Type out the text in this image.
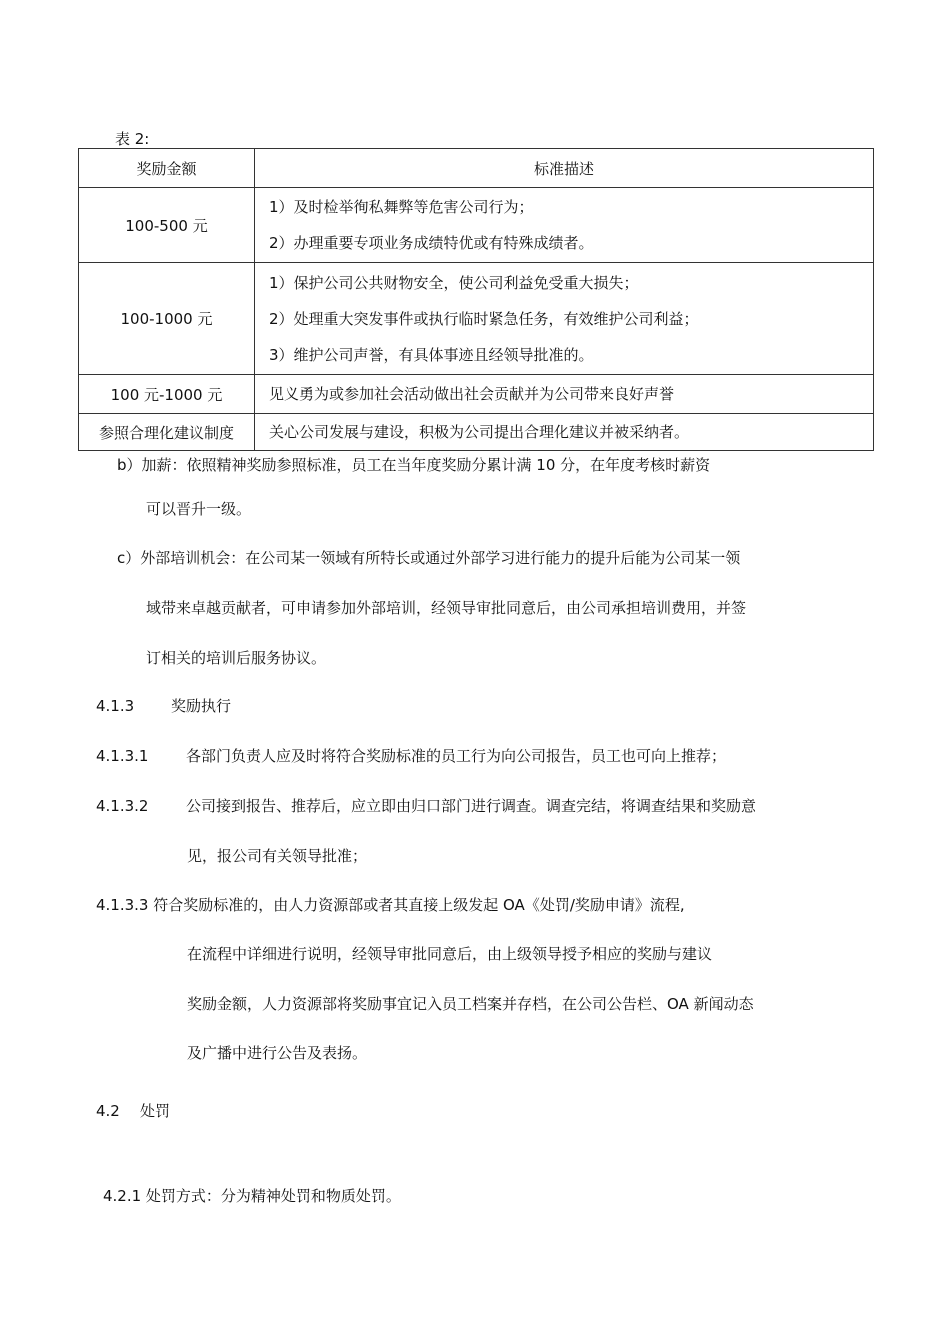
表 2:
奖励金额	标准描述
100-500 元	1）及时检举徇私舞弊等危害公司行为；
2）办理重要专项业务成绩特优或有特殊成绩者。

100-1000 元	1）保护公司公共财物安全，使公司利益免受重大损失；
2）处理重大突发事件或执行临时紧急任务，有效维护公司利益；
3）维护公司声誉，有具体事迹且经领导批准的。

100 元-1000 元	见义勇为或参加社会活动做出社会贡献并为公司带来良好声誉

参照合理化建议制度	关心公司发展与建设，积极为公司提出合理化建议并被采纳者。
b）加薪：依照精神奖励参照标准，员工在当年度奖励分累计满 10 分，在年度考核时薪资
可以晋升一级。
c）外部培训机会：在公司某一领域有所特长或通过外部学习进行能力的提升后能为公司某一领
域带来卓越贡献者，可申请参加外部培训，经领导审批同意后，由公司承担培训费用，并签
订相关的培训后服务协议。
4.1.3 奖励执行
4.1.3.1	各部门负责人应及时将符合奖励标准的员工行为向公司报告，员工也可向上推荐；
4.1.3.2	公司接到报告、推荐后，应立即由归口部门进行调查。调查完结，将调查结果和奖励意
见，报公司有关领导批准；
4.1.3.3 符合奖励标准的，由人力资源部或者其直接上级发起 OA《处罚/奖励申请》流程,
在流程中详细进行说明，经领导审批同意后，由上级领导授予相应的奖励与建议
奖励金额，人力资源部将奖励事宜记入员工档案并存档，在公司公告栏、OA 新闻动态
及广播中进行公告及表扬。
4.2 处罚
4.2.1 处罚方式：分为精神处罚和物质处罚。
